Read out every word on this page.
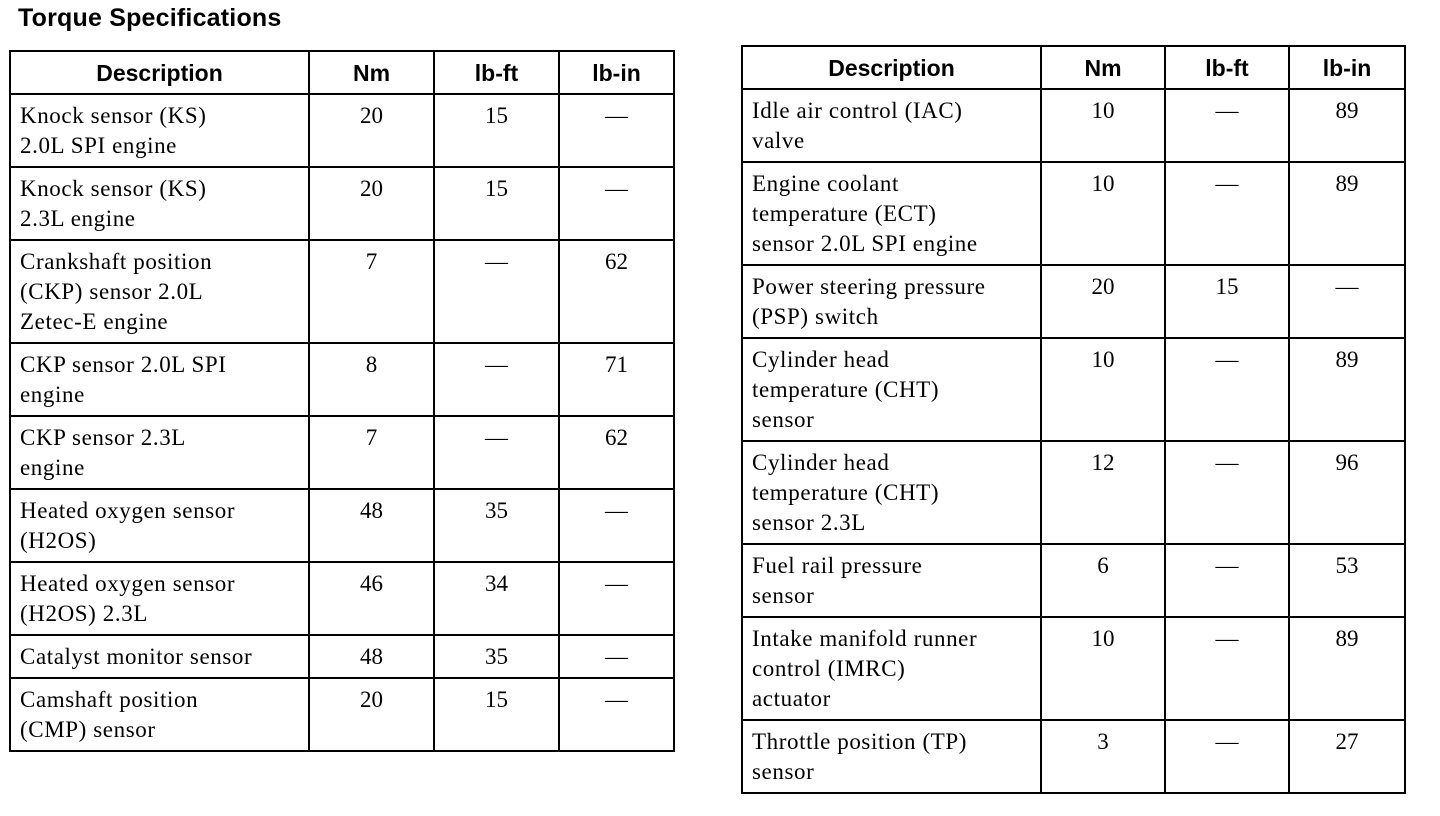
Torque Specifications
Description	Nm	lb-ft	lb-in

Knock sensor (KS)
2.0L SPI engine	20	15	—

Knock sensor (KS)
2.3L engine	20	15	—

Crankshaft position
(CKP) sensor 2.0L
Zetec-E engine	7	—	62

CKP sensor 2.0L SPI
engine	8	—	71

CKP sensor 2.3L
engine	7	—	62

Heated oxygen sensor
(H2OS)	48	35	—

Heated oxygen sensor
(H2OS) 2.3L	46	34	—

Catalyst monitor sensor	48	35	—

Camshaft position
(CMP) sensor	20	15	—
Description	Nm	lb-ft	lb-in

Idle air control (IAC)
valve	10	—	89

Engine coolant
temperature (ECT)
sensor 2.0L SPI engine	10	—	89

Power steering pressure
(PSP) switch	20	15	—

Cylinder head
temperature (CHT)
sensor	10	—	89

Cylinder head
temperature (CHT)
sensor 2.3L	12	—	96

Fuel rail pressure
sensor	6	—	53

Intake manifold runner
control (IMRC)
actuator	10	—	89

Throttle position (TP)
sensor	3	—	27
